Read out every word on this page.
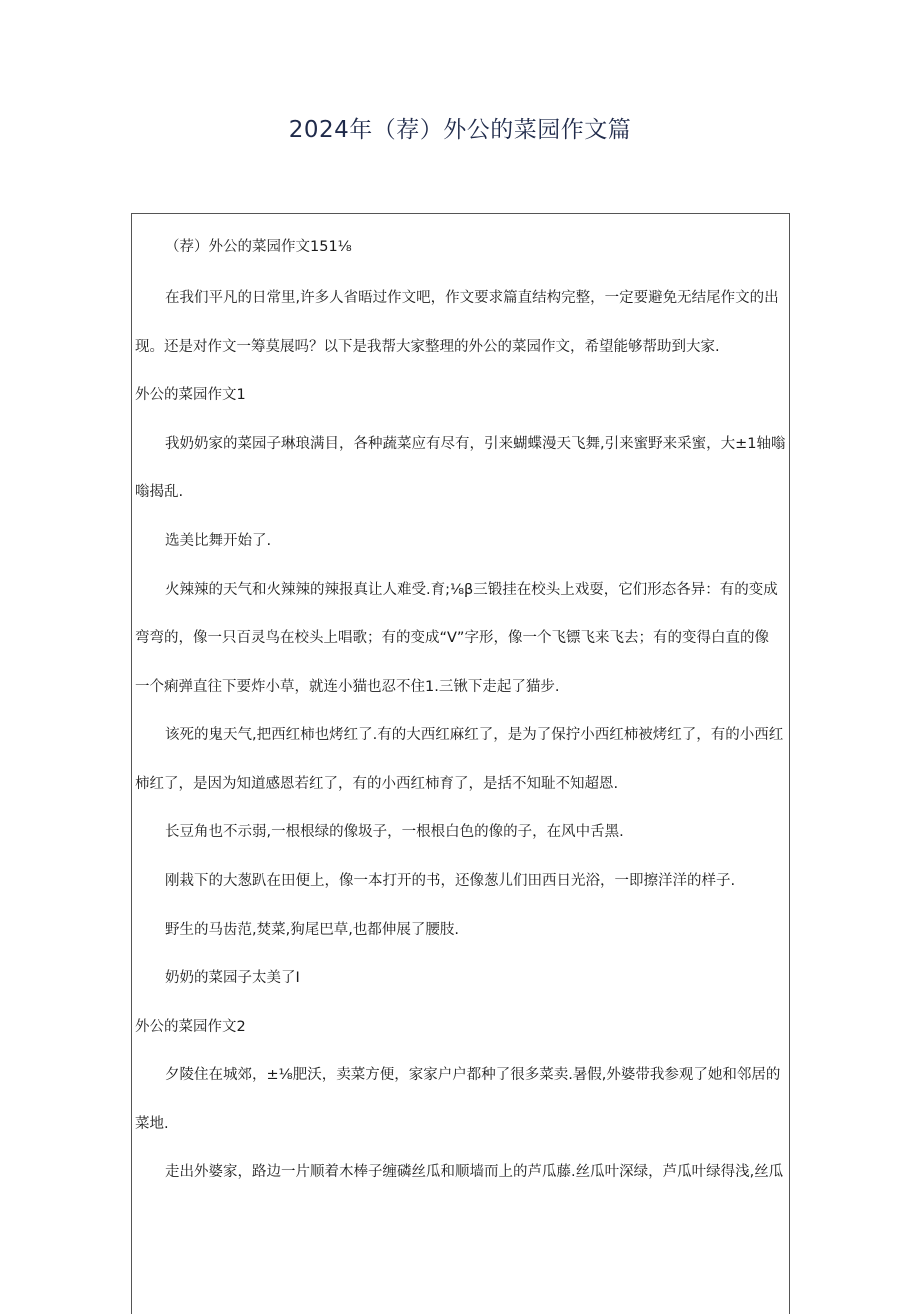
2024年（荐）外公的菜园作文篇
（荐）外公的菜园作文151⅛
在我们平凡的日常里,许多人省晤过作文吧，作文要求篇直结构完整，一定要避免无结尾作文的出
现。还是对作文一筹莫展吗？以下是我帮大家整理的外公的菜园作文，希望能够帮助到大家.
外公的菜园作文1
我奶奶家的菜园子琳琅满目，各种蔬菜应有尽有，引来蝴蝶漫天飞舞,引来蜜野来采蜜，大±1轴嗡
嗡揭乱.
选美比舞开始了.
火辣辣的天气和火辣辣的辣报真让人难受.育;⅛β三锻挂在校头上戏耍，它们形态各异：有的变成
弯弯的，像一只百灵鸟在校头上唱歌；有的变成“V”字形，像一个飞镖飞来飞去；有的变得白直的像
一个痢弹直往下要炸小草，就连小猫也忍不住1.三锹下走起了猫步.
该死的鬼天气,把西红柿也烤红了.有的大西红麻红了，是为了保拧小西红柿被烤红了，有的小西红
柿红了，是因为知道感恩若红了，有的小西红柿育了，是括不知耻不知超恩.
长豆角也不示弱,一根根绿的像圾子，一根根白色的像的子，在风中舌黑.
刚栽下的大葱趴在田便上，像一本打开的书，还像葱儿们田西日光浴，一即擦洋洋的样子.
野生的马齿范,焚菜,狗尾巴草,也都伸展了腰肢.
奶奶的菜园子太美了I
外公的菜园作文2
夕陵住在城郊，±⅛肥沃，卖菜方便，家家户户都种了很多菜卖.暑假,外婆带我参观了她和邻居的
菜地.
走出外婆家，路边一片顺着木棒子缠磷丝瓜和顺墙而上的芦瓜藤.丝瓜叶深绿，芦瓜叶绿得浅,丝瓜
